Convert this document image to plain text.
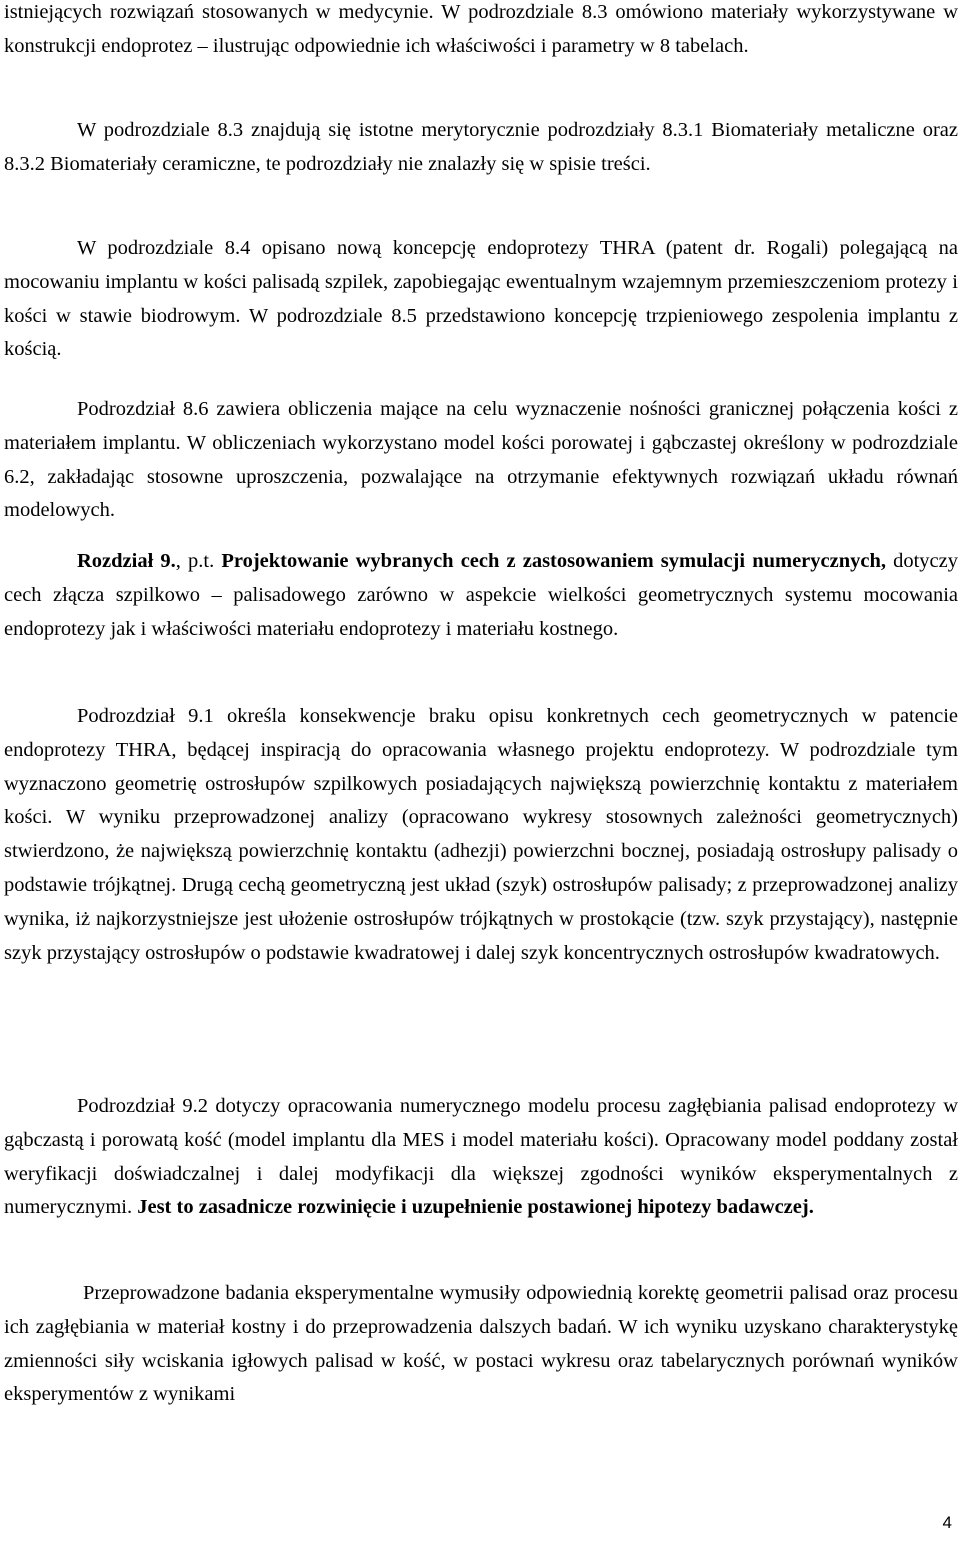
istniejących rozwiązań stosowanych w medycynie. W podrozdziale 8.3 omówiono materiały wykorzystywane w konstrukcji endoprotez – ilustrując odpowiednie ich właściwości i parametry w 8 tabelach.

W podrozdziale 8.3 znajdują się istotne merytorycznie podrozdziały 8.3.1 Biomateriały metaliczne oraz 8.3.2 Biomateriały ceramiczne, te podrozdziały nie znalazły się w spisie treści.

W podrozdziale 8.4 opisano nową koncepcję endoprotezy THRA (patent dr. Rogali) polegającą na mocowaniu implantu w kości palisadą szpilek, zapobiegając ewentualnym wzajemnym przemieszczeniom protezy i kości w stawie biodrowym. W podrozdziale 8.5 przedstawiono koncepcję trzpieniowego zespolenia implantu z kością.

Podrozdział 8.6 zawiera obliczenia mające na celu wyznaczenie nośności granicznej połączenia kości z materiałem implantu. W obliczeniach wykorzystano model kości porowatej i gąbczastej określony w podrozdziale 6.2, zakładając stosowne uproszczenia, pozwalające na otrzymanie efektywnych rozwiązań układu równań modelowych.

Rozdział 9., p.t. Projektowanie wybranych cech z zastosowaniem symulacji numerycznych, dotyczy cech złącza szpilkowo – palisadowego zarówno w aspekcie wielkości geometrycznych systemu mocowania endoprotezy jak i właściwości materiału endoprotezy i materiału kostnego.

Podrozdział 9.1 określa konsekwencje braku opisu konkretnych cech geometrycznych w patencie endoprotezy THRA, będącej inspiracją do opracowania własnego projektu endoprotezy. W podrozdziale tym wyznaczono geometrię ostrosłupów szpilkowych posiadających największą powierzchnię kontaktu z materiałem kości. W wyniku przeprowadzonej analizy (opracowano wykresy stosownych zależności geometrycznych) stwierdzono, że największą powierzchnię kontaktu (adhezji) powierzchni bocznej, posiadają ostrosłupy palisady o podstawie trójkątnej. Drugą cechą geometryczną jest układ (szyk) ostrosłupów palisady; z przeprowadzonej analizy wynika, iż najkorzystniejsze jest ułożenie ostrosłupów trójkątnych w prostokącie (tzw. szyk przystający), następnie szyk przystający ostrosłupów o podstawie kwadratowej i dalej szyk koncentrycznych ostrosłupów kwadratowych.

Podrozdział 9.2 dotyczy opracowania numerycznego modelu procesu zagłębiania palisad endoprotezy w gąbczastą i porowatą kość (model implantu dla MES i model materiału kości). Opracowany model poddany został weryfikacji doświadczalnej i dalej modyfikacji dla większej zgodności wyników eksperymentalnych z numerycznymi. Jest to zasadnicze rozwinięcie i uzupełnienie postawionej hipotezy badawczej.

Przeprowadzone badania eksperymentalne wymusiły odpowiednią korektę geometrii palisad oraz procesu ich zagłębiania w materiał kostny i do przeprowadzenia dalszych badań. W ich wyniku uzyskano charakterystykę zmienności siły wciskania igłowych palisad w kość, w postaci wykresu oraz tabelarycznych porównań wyników eksperymentów z wynikami

4
